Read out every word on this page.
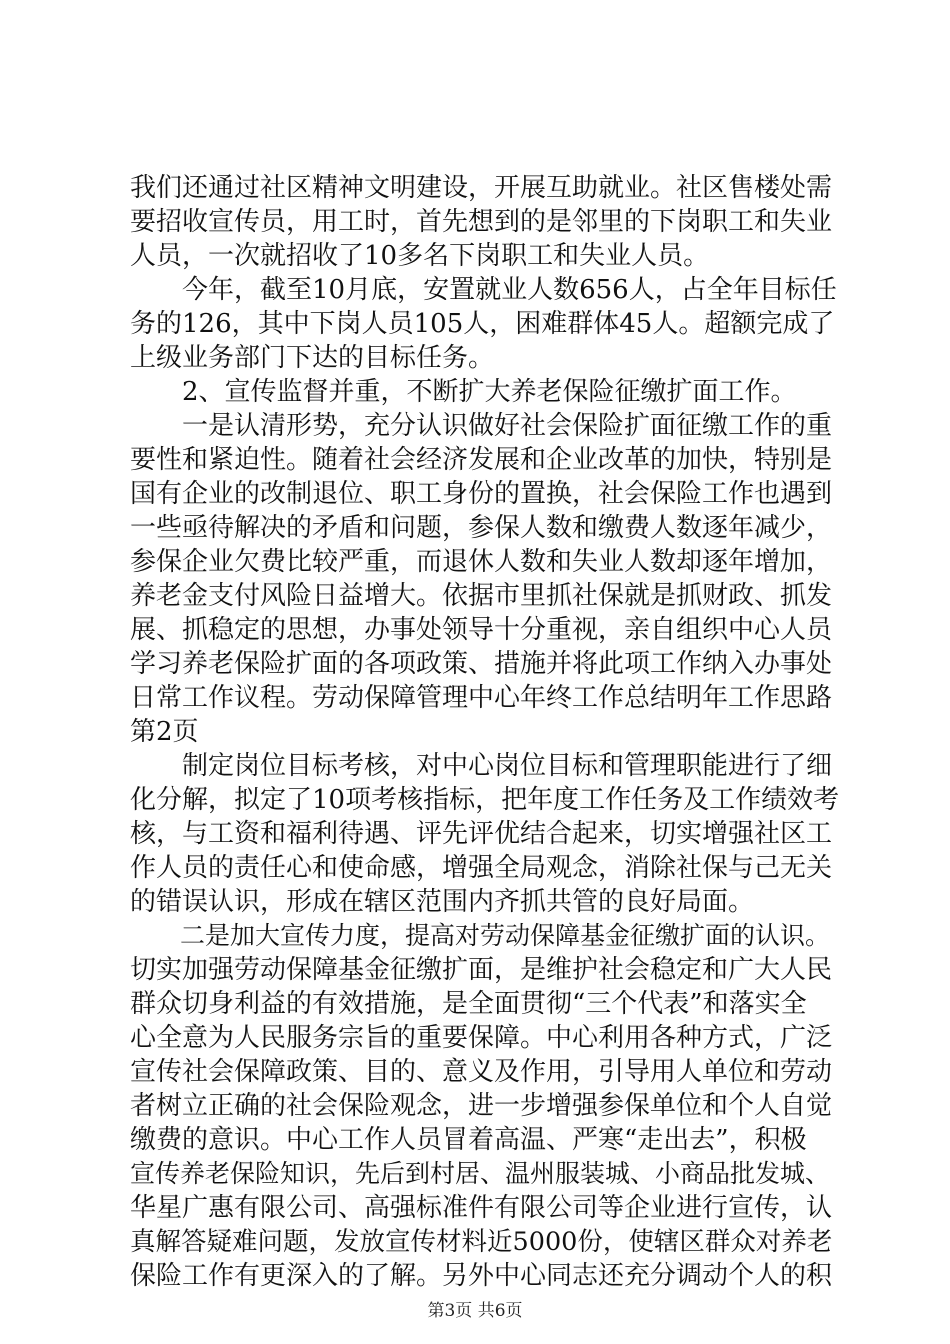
我们还通过社区精神文明建设，开展互助就业。社区售楼处需
要招收宣传员，用工时，首先想到的是邻里的下岗职工和失业
人员，一次就招收了10多名下岗职工和失业人员。
　　今年，截至10月底，安置就业人数656人，占全年目标任
务的126，其中下岗人员105人，困难群体45人。超额完成了
上级业务部门下达的目标任务。
　　2、宣传监督并重，不断扩大养老保险征缴扩面工作。
　　一是认清形势，充分认识做好社会保险扩面征缴工作的重
要性和紧迫性。随着社会经济发展和企业改革的加快，特别是
国有企业的改制退位、职工身份的置换，社会保险工作也遇到
一些亟待解决的矛盾和问题，参保人数和缴费人数逐年减少，
参保企业欠费比较严重，而退休人数和失业人数却逐年增加，
养老金支付风险日益增大。依据市里抓社保就是抓财政、抓发
展、抓稳定的思想，办事处领导十分重视，亲自组织中心人员
学习养老保险扩面的各项政策、措施并将此项工作纳入办事处
日常工作议程。劳动保障管理中心年终工作总结明年工作思路
第2页
　　制定岗位目标考核，对中心岗位目标和管理职能进行了细
化分解，拟定了10项考核指标，把年度工作任务及工作绩效考
核，与工资和福利待遇、评先评优结合起来，切实增强社区工
作人员的责任心和使命感，增强全局观念，消除社保与己无关
的错误认识，形成在辖区范围内齐抓共管的良好局面。
　　二是加大宣传力度，提高对劳动保障基金征缴扩面的认识。
切实加强劳动保障基金征缴扩面，是维护社会稳定和广大人民
群众切身利益的有效措施，是全面贯彻“三个代表”和落实全
心全意为人民服务宗旨的重要保障。中心利用各种方式，广泛
宣传社会保障政策、目的、意义及作用，引导用人单位和劳动
者树立正确的社会保险观念，进一步增强参保单位和个人自觉
缴费的意识。中心工作人员冒着高温、严寒“走出去”，积极
宣传养老保险知识，先后到村居、温州服装城、小商品批发城、
华星广惠有限公司、高强标准件有限公司等企业进行宣传，认
真解答疑难问题，发放宣传材料近5000份，使辖区群众对养老
保险工作有更深入的了解。另外中心同志还充分调动个人的积
第3页 共6页
